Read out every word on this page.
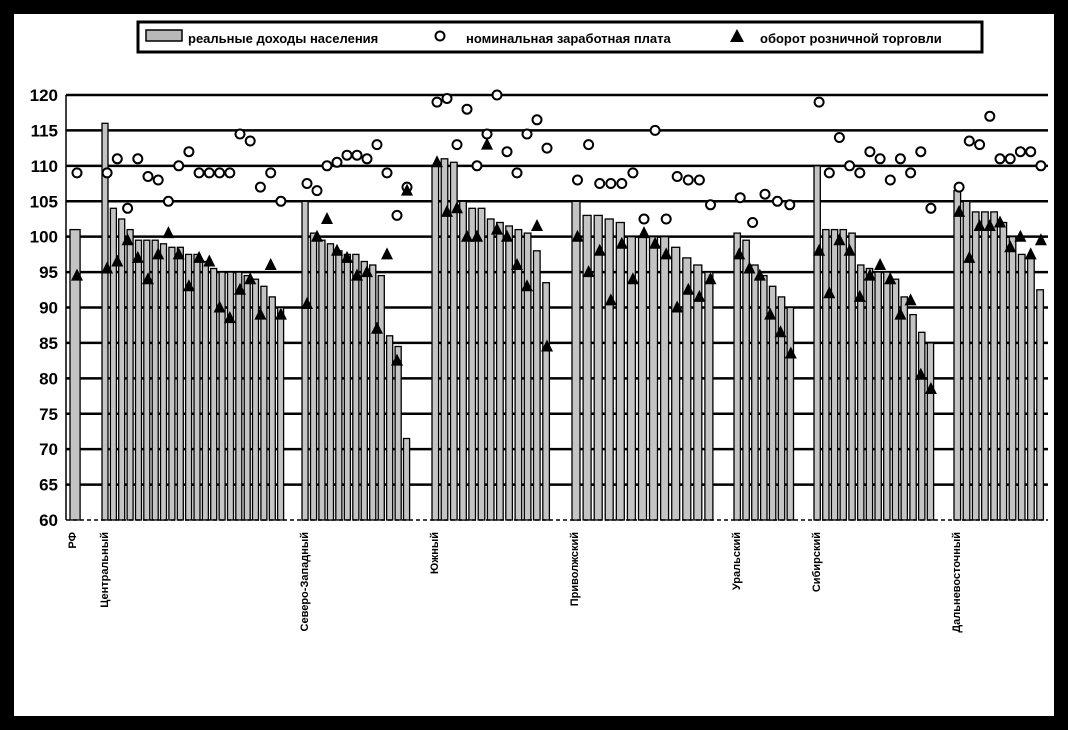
реальные доходы населения	номинальная заработная плата	оборот розничной торговли
60
65
70
75
80
85
90
95
100
105
110
115
120
РФ Центральный	Северо-Западный	Южный	Приволжский	Уральский	Сибирский	Дальневосточный
